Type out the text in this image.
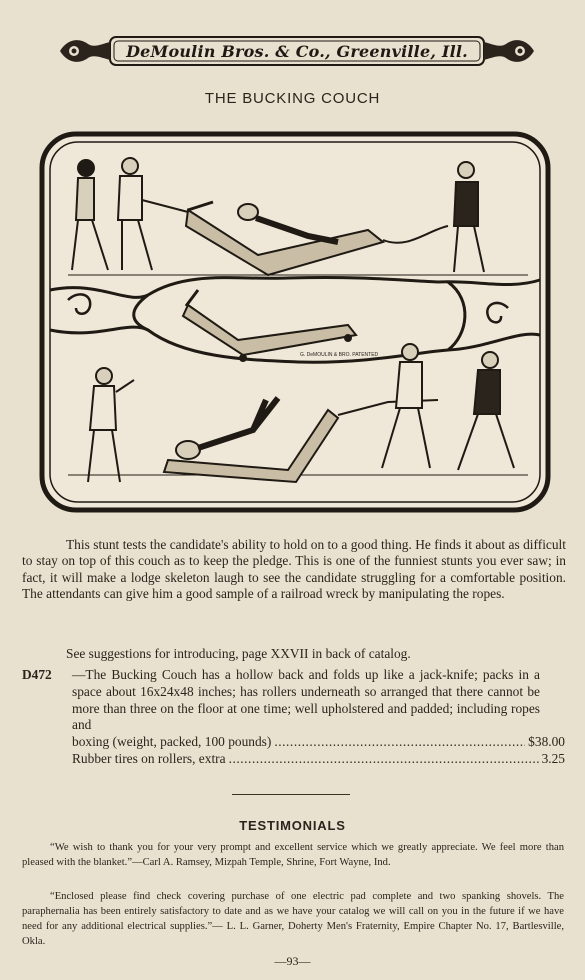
DeMoulin Bros. & Co., Greenville, Ill.
THE BUCKING COUCH
G. DeMOULIN & BRO. PATENTED

This stunt tests the candidate's ability to hold on to a good thing. He finds it about as difficult to stay on top of this couch as to keep the pledge. This is one of the funniest stunts you ever saw; in fact, it will make a lodge skeleton laugh to see the candidate struggling for a comfortable position. The attendants can give him a good sample of a railroad wreck by manipulating the ropes.

See suggestions for introducing, page XXVII in back of catalog.

D472 —The Bucking Couch has a hollow back and folds up like a jack-knife; packs in a space about 16x24x48 inches; has rollers underneath so arranged that there cannot be more than three on the floor at one time; well upholstered and padded; including ropes and
boxing (weight, packed, 100 pounds) . . .	$38.00
Rubber tires on rollers, extra . . .	3.25
TESTIMONIALS

“We wish to thank you for your very prompt and excellent service which we greatly appreciate. We feel more than pleased with the blanket.”—Carl A. Ramsey, Mizpah Temple, Shrine, Fort Wayne, Ind.

“Enclosed please find check covering purchase of one electric pad complete and two spanking shovels. The paraphernalia has been entirely satisfactory to date and as we have your catalog we will call on you in the future if we have need for any additional electrical supplies.”— L. L. Garner, Doherty Men's Fraternity, Empire Chapter No. 17, Bartlesville, Okla.

—93—
